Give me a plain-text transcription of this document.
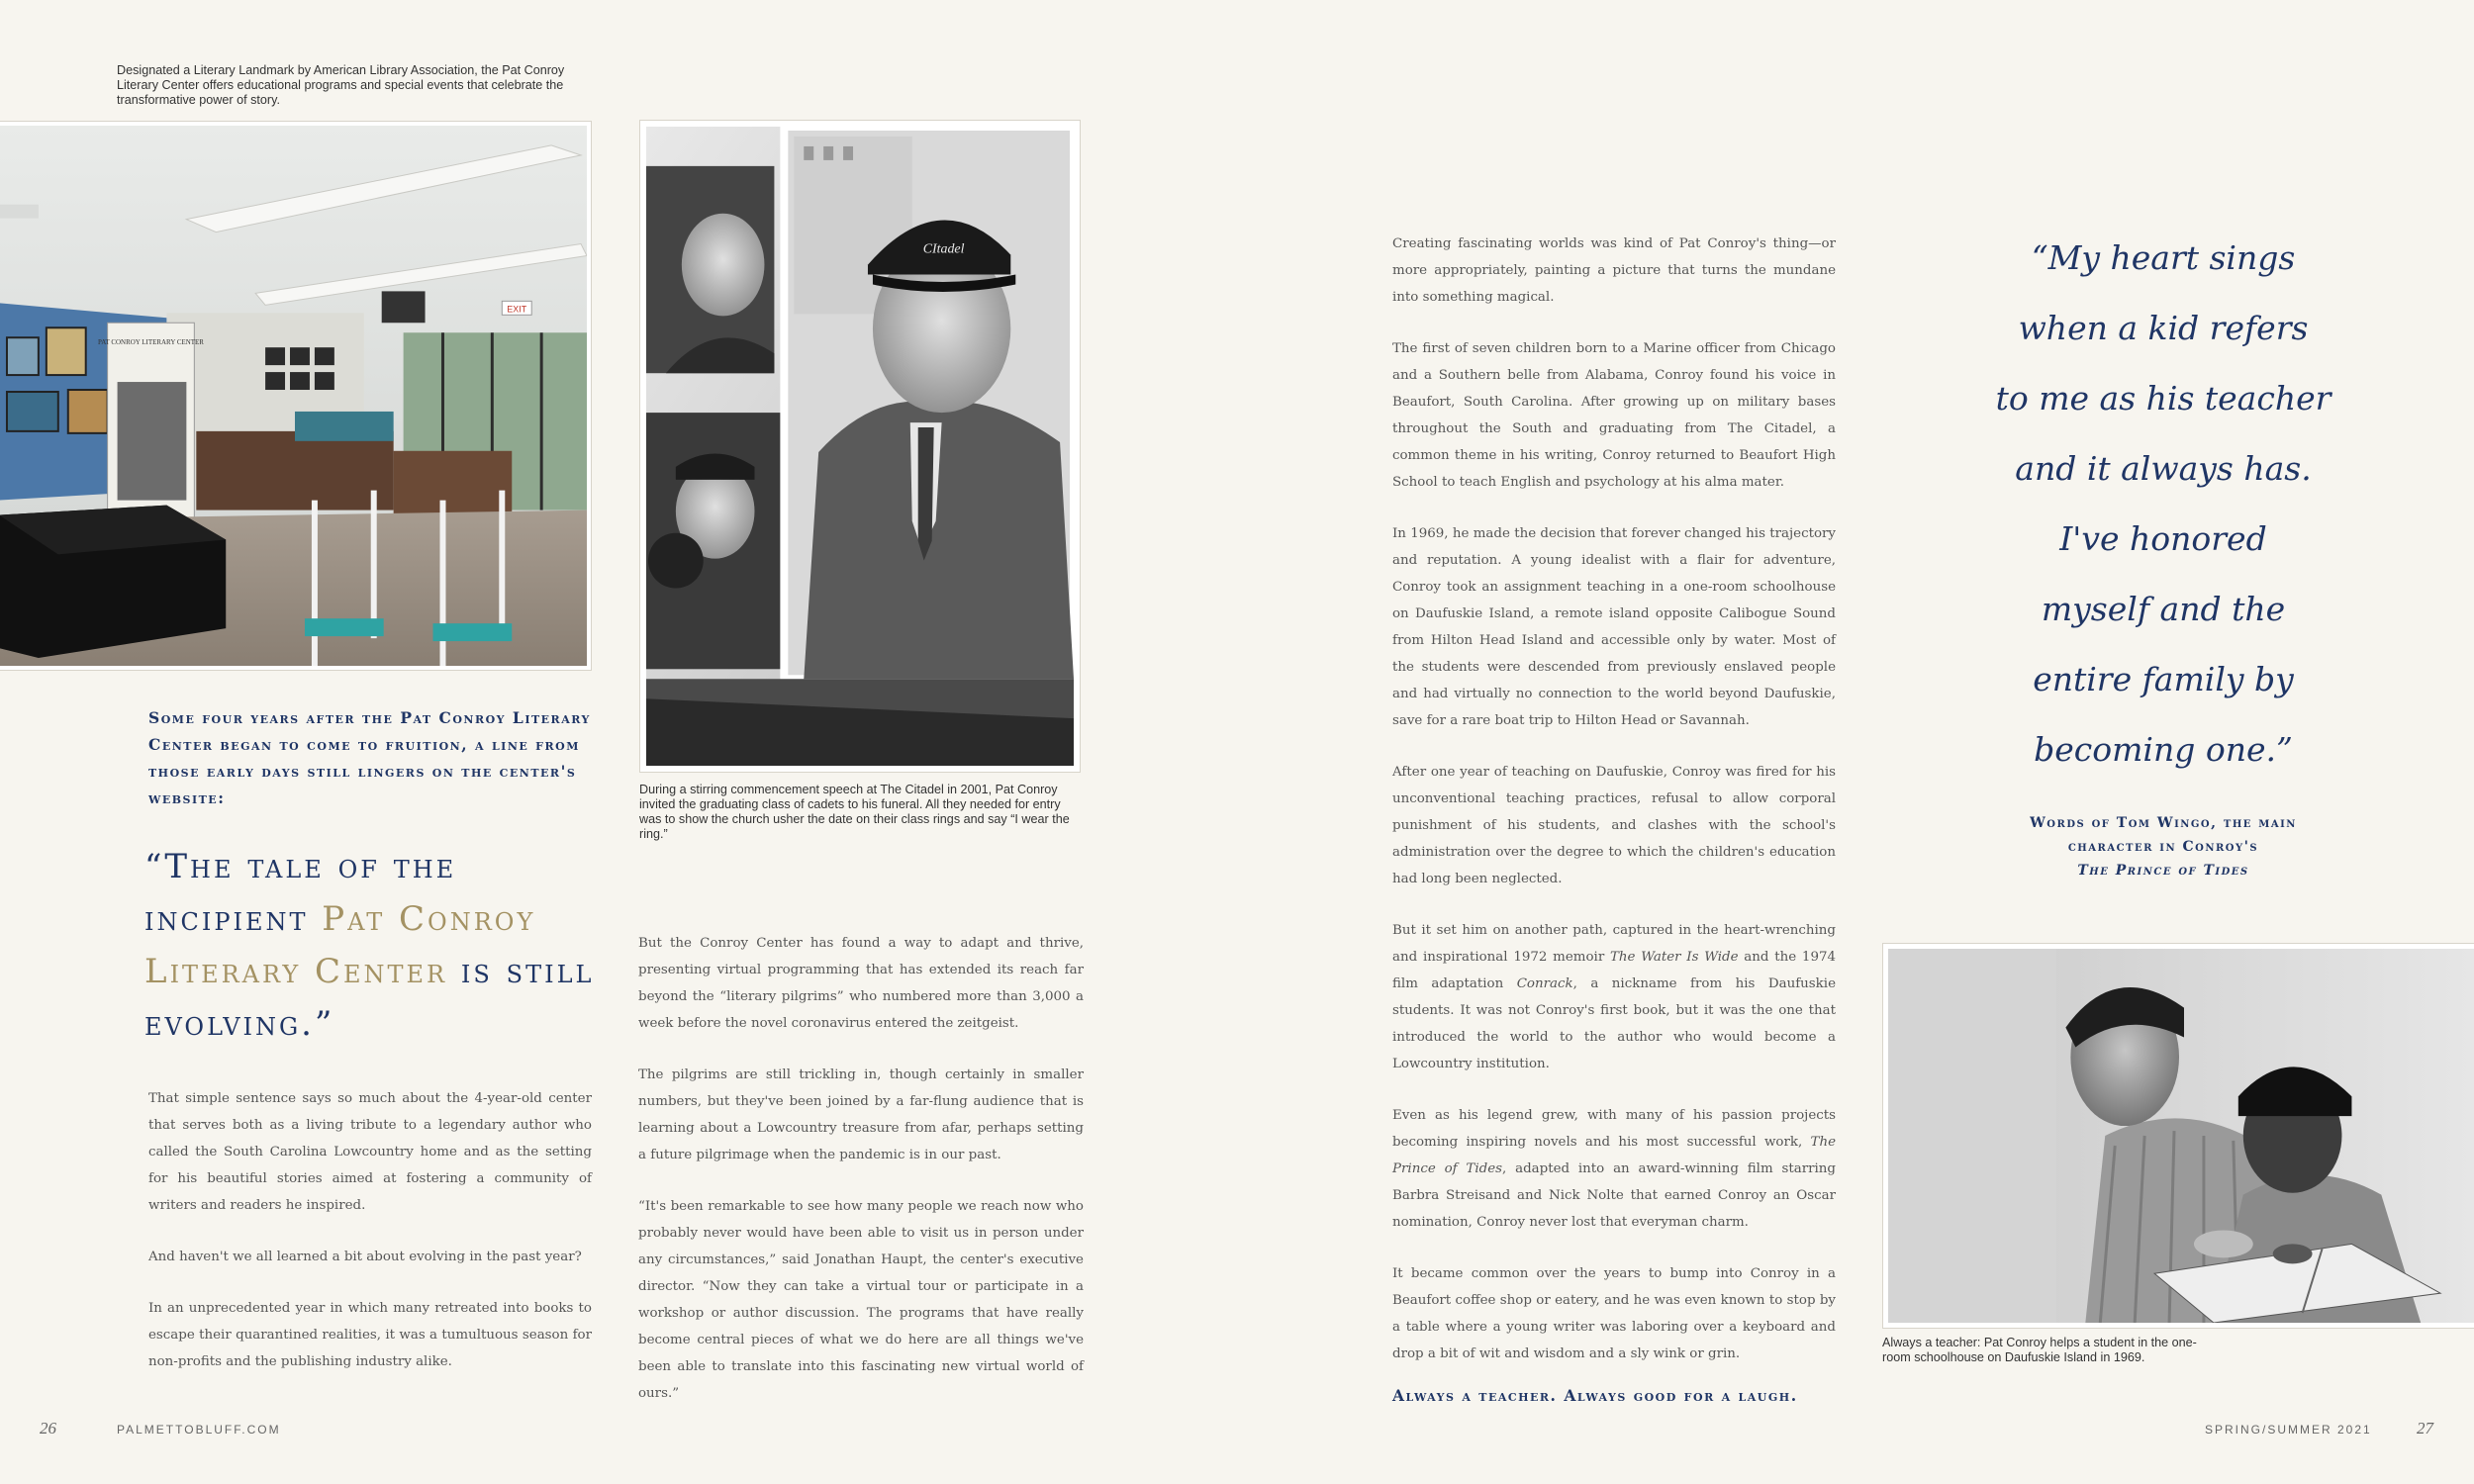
Designated a Literary Landmark by American Library Association, the Pat Conroy Literary Center offers educational programs and special events that celebrate the transformative power of story.
PAT CONROY LITERARY CENTER
EXIT
CItadel
During a stirring commencement speech at The Citadel in 2001, Pat Conroy invited the graduating class of cadets to his funeral. All they needed for entry was to show the church usher the date on their class rings and say “I wear the ring.”
Some four years after the Pat Conroy Literary Center began to come to fruition, a line from those early days still lingers on the center's website:
“The tale of the incipient Pat Conroy Literary Center is still evolving.”

That simple sentence says so much about the 4-year-old center that serves both as a living tribute to a legendary author who called the South Carolina Lowcountry home and as the setting for his beautiful stories aimed at fostering a community of writers and readers he inspired.

And haven't we all learned a bit about evolving in the past year?

In an unprecedented year in which many retreated into books to escape their quarantined realities, it was a tumultuous season for non-profits and the publishing industry alike.

But the Conroy Center has found a way to adapt and thrive, presenting virtual programming that has extended its reach far beyond the “literary pilgrims” who numbered more than 3,000 a week before the novel coronavirus entered the zeitgeist.

The pilgrims are still trickling in, though certainly in smaller numbers, but they've been joined by a far-flung audience that is learning about a Lowcountry treasure from afar, perhaps setting a future pilgrimage when the pandemic is in our past.

“It's been remarkable to see how many people we reach now who probably never would have been able to visit us in person under any circumstances,” said Jonathan Haupt, the center's executive director. “Now they can take a virtual tour or participate in a workshop or author discussion. The programs that have really become central pieces of what we do here are all things we've been able to translate into this fascinating new virtual world of ours.”

26	PALMETTOBLUFF.COM

Creating fascinating worlds was kind of Pat Conroy's thing—or more appropriately, painting a picture that turns the mundane into something magical.

The first of seven children born to a Marine officer from Chicago and a Southern belle from Alabama, Conroy found his voice in Beaufort, South Carolina. After growing up on military bases throughout the South and graduating from The Citadel, a common theme in his writing, Conroy returned to Beaufort High School to teach English and psychology at his alma mater.

In 1969, he made the decision that forever changed his trajectory and reputation. A young idealist with a flair for adventure, Conroy took an assignment teaching in a one-room schoolhouse on Daufuskie Island, a remote island opposite Calibogue Sound from Hilton Head Island and accessible only by water. Most of the students were descended from previously enslaved people and had virtually no connection to the world beyond Daufuskie, save for a rare boat trip to Hilton Head or Savannah.

After one year of teaching on Daufuskie, Conroy was fired for his unconventional teaching practices, refusal to allow corporal punishment of his students, and clashes with the school's administration over the degree to which the children's education had long been neglected.

But it set him on another path, captured in the heart-wrenching and inspirational 1972 memoir The Water Is Wide and the 1974 film adaptation Conrack, a nickname from his Daufuskie students. It was not Conroy's first book, but it was the one that introduced the world to the author who would become a Lowcountry institution.

Even as his legend grew, with many of his passion projects becoming inspiring novels and his most successful work, The Prince of Tides, adapted into an award-winning film starring Barbra Streisand and Nick Nolte that earned Conroy an Oscar nomination, Conroy never lost that everyman charm.

It became common over the years to bump into Conroy in a Beaufort coffee shop or eatery, and he was even known to stop by a table where a young writer was laboring over a keyboard and drop a bit of wit and wisdom and a sly wink or grin.

Always a teacher. Always good for a laugh.
“My heart sings
when a kid refers
to me as his teacher
and it always has.
I've honored
myself and the
entire family by
becoming one.”
Words of Tom Wingo, the main
character in Conroy's
The Prince of Tides
Always a teacher: Pat Conroy helps a student in the one-room schoolhouse on Daufuskie Island in 1969.
SPRING/SUMMER 2021	27
